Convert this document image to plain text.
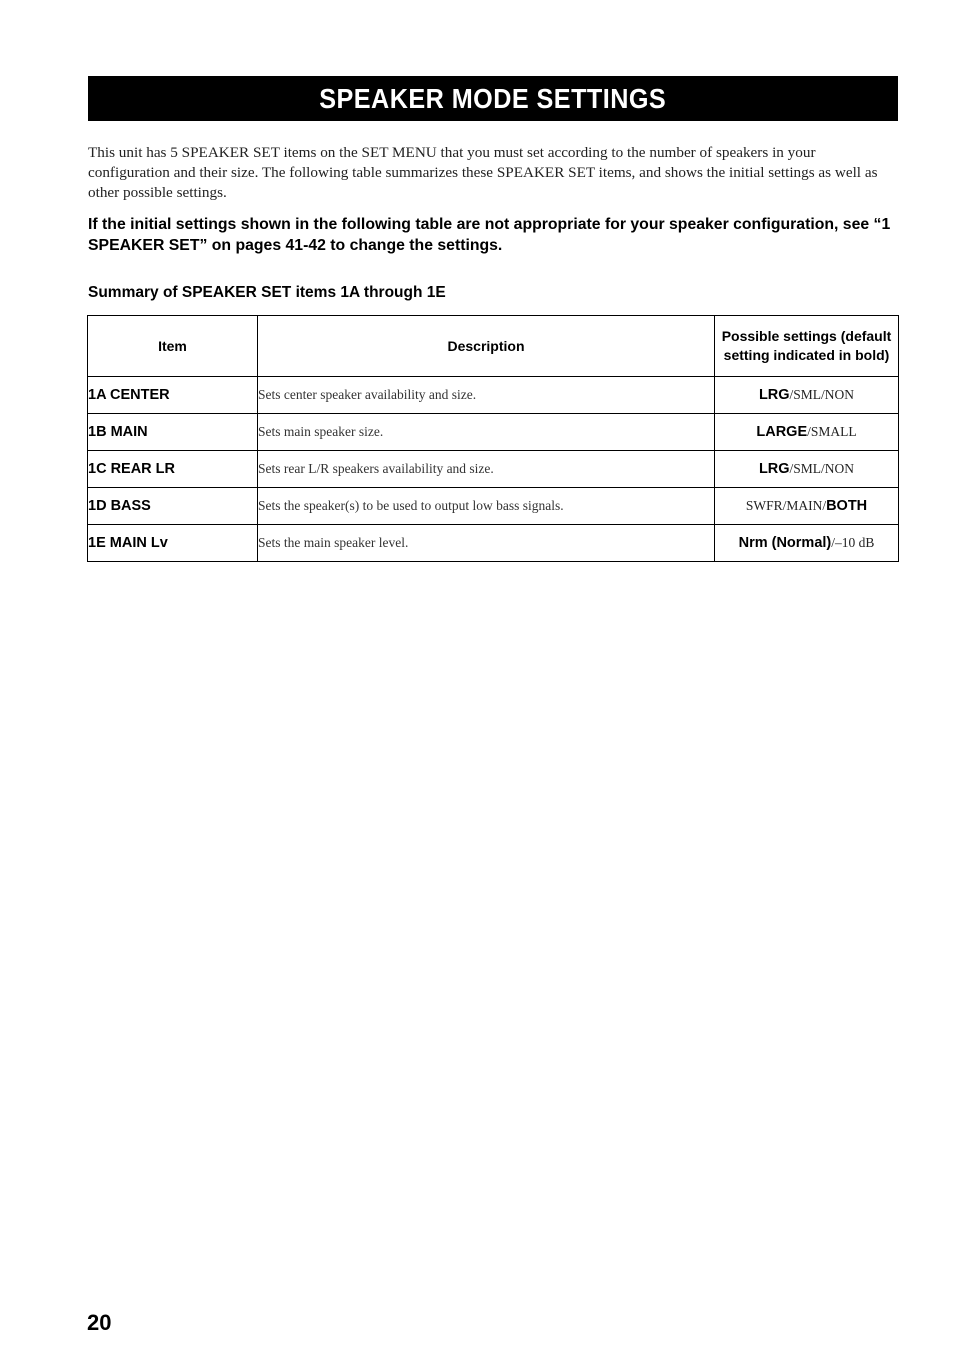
SPEAKER MODE SETTINGS

This unit has 5 SPEAKER SET items on the SET MENU that you must set according to the number of speakers in your configuration and their size. The following table summarizes these SPEAKER SET items, and shows the initial settings as well as other possible settings.

If the initial settings shown in the following table are not appropriate for your speaker configuration, see “1 SPEAKER SET” on pages 41-42 to change the settings.

Summary of SPEAKER SET items 1A through 1E

Item	Description	Possible settings (default
setting indicated in bold)
1A CENTER	Sets center speaker availability and size.	LRG/SML/NON
1B MAIN	Sets main speaker size.	LARGE/SMALL
1C REAR LR	Sets rear L/R speakers availability and size.	LRG/SML/NON
1D BASS	Sets the speaker(s) to be used to output low bass signals.	SWFR/MAIN/BOTH
1E MAIN Lv	Sets the main speaker level.	Nrm (Normal)/–10 dB
20
